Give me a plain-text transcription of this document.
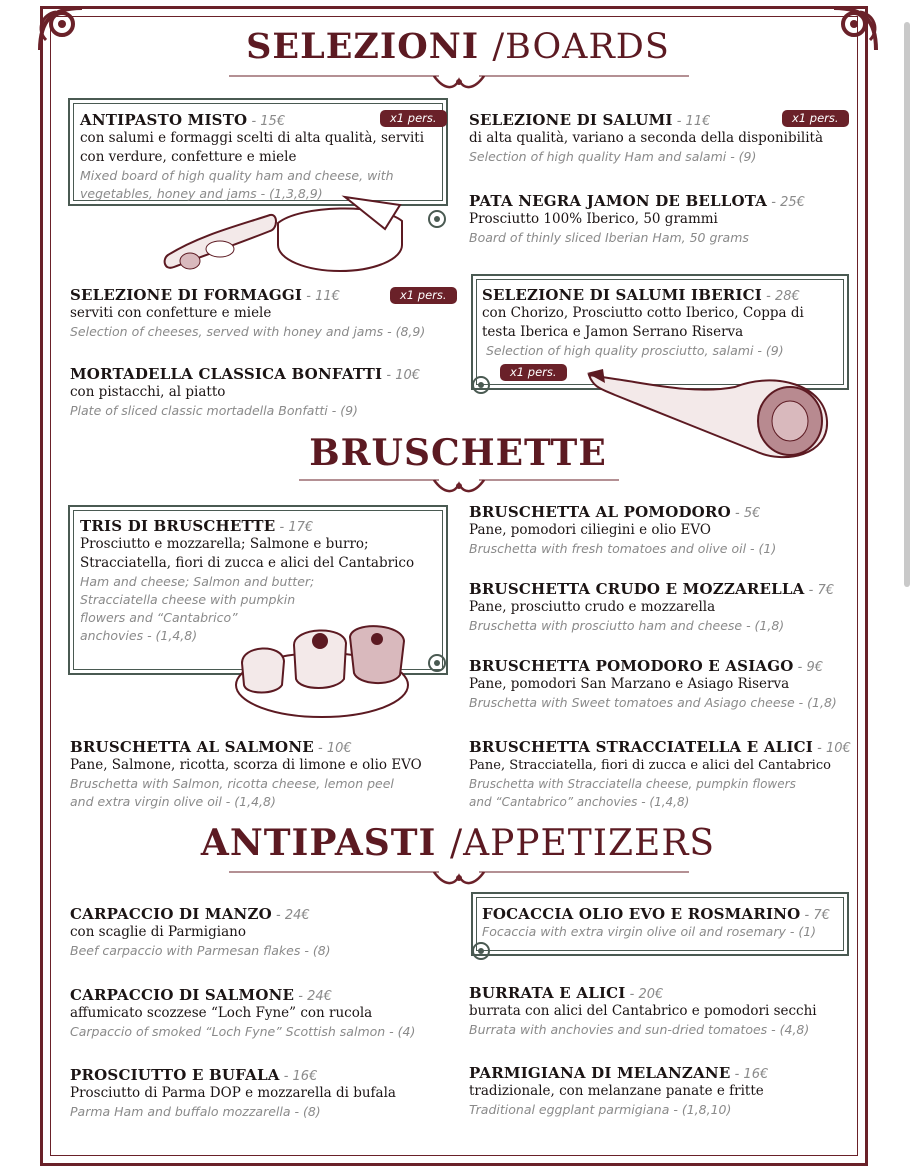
SELEZIONI /BOARDS
ANTIPASTO MISTO - 15€
con salumi e formaggi scelti di alta qualità, serviti
con verdure, confetture e miele
Mixed board of high quality ham and cheese, with
vegetables, honey and jams - (1,3,8,9)
x1 pers.	SELEZIONE DI SALUMI - 11€
di alta qualità, variano a seconda della disponibilità
Selection of high quality Ham and salami - (9)
x1 pers.
PATA NEGRA JAMON DE BELLOTA - 25€
Prosciutto 100% Iberico, 50 grammi
Board of thinly sliced Iberian Ham, 50 grams
SELEZIONE DI FORMAGGI - 11€
serviti con confetture e miele
Selection of cheeses, served with honey and jams - (8,9)
x1 pers.	SELEZIONE DI SALUMI IBERICI - 28€
con Chorizo, Prosciutto cotto Iberico, Coppa di
testa Iberica e Jamon Serrano Riserva
Selection of high quality prosciutto, salami - (9)
x1 pers.
MORTADELLA CLASSICA BONFATTI - 10€
con pistacchi, al piatto
Plate of sliced classic mortadella Bonfatti - (9)
BRUSCHETTE
TRIS DI BRUSCHETTE - 17€
Prosciutto e mozzarella; Salmone e burro;
Stracciatella, fiori di zucca e alici del Cantabrico
Ham and cheese; Salmon and butter;
Stracciatella cheese with pumpkin
flowers and “Cantabrico”
anchovies - (1,4,8)
BRUSCHETTA AL POMODORO - 5€
Pane, pomodori ciliegini e olio EVO
Bruschetta with fresh tomatoes and olive oil - (1)
BRUSCHETTA CRUDO E MOZZARELLA - 7€
Pane, prosciutto crudo e mozzarella
Bruschetta with prosciutto ham and cheese - (1,8)
BRUSCHETTA POMODORO E ASIAGO - 9€
Pane, pomodori San Marzano e Asiago Riserva
Bruschetta with Sweet tomatoes and Asiago cheese - (1,8)
BRUSCHETTA AL SALMONE - 10€
Pane, Salmone, ricotta, scorza di limone e olio EVO
Bruschetta with Salmon, ricotta cheese, lemon peel
and extra virgin olive oil - (1,4,8)
BRUSCHETTA STRACCIATELLA E ALICI - 10€
Pane, Stracciatella, fiori di zucca e alici del Cantabrico
Bruschetta with Stracciatella cheese, pumpkin flowers
and “Cantabrico” anchovies - (1,4,8)
ANTIPASTI /APPETIZERS
CARPACCIO DI MANZO - 24€
con scaglie di Parmigiano
Beef carpaccio with Parmesan flakes - (8)
FOCACCIA OLIO EVO E ROSMARINO - 7€
Focaccia with extra virgin olive oil and rosemary - (1)
CARPACCIO DI SALMONE - 24€
affumicato scozzese “Loch Fyne” con rucola
Carpaccio of smoked “Loch Fyne” Scottish salmon - (4)
BURRATA E ALICI - 20€
burrata con alici del Cantabrico e pomodori secchi
Burrata with anchovies and sun-dried tomatoes - (4,8)
PROSCIUTTO E BUFALA - 16€
Prosciutto di Parma DOP e mozzarella di bufala
Parma Ham and buffalo mozzarella - (8)
PARMIGIANA DI MELANZANE - 16€
tradizionale, con melanzane panate e fritte
Traditional eggplant parmigiana - (1,8,10)
